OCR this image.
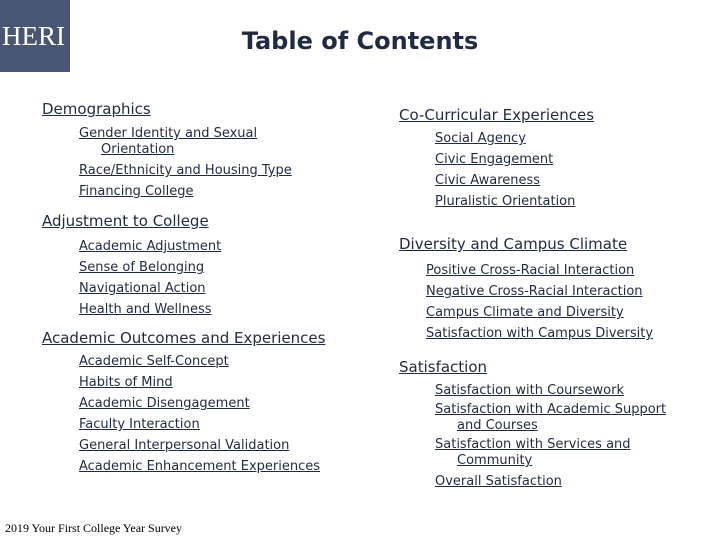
HERI	Table of Contents
Demographics
Gender Identity and Sexual
Orientation
Race/Ethnicity and Housing Type
Financing College
Adjustment to College
Academic Adjustment
Sense of Belonging
Navigational Action
Health and Wellness
Academic Outcomes and Experiences
Academic Self-Concept
Habits of Mind
Academic Disengagement
Faculty Interaction
General Interpersonal Validation
Academic Enhancement Experiences
Co-Curricular Experiences
Social Agency
Civic Engagement
Civic Awareness
Pluralistic Orientation
Diversity and Campus Climate
Positive Cross-Racial Interaction
Negative Cross-Racial Interaction
Campus Climate and Diversity
Satisfaction with Campus Diversity
Satisfaction
Satisfaction with Coursework
Satisfaction with Academic Support
and Courses
Satisfaction with Services and
Community
Overall Satisfaction
2019 Your First College Year Survey
